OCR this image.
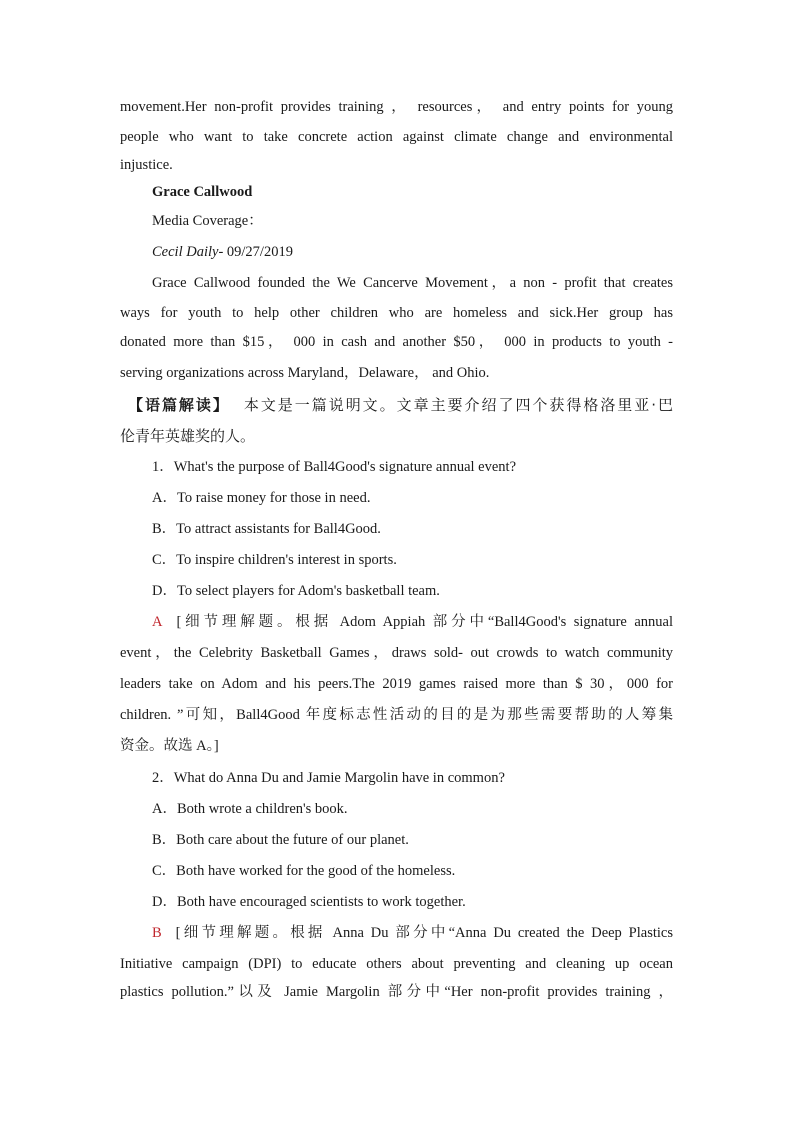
movement.Her non-profit provides training ， resources， and entry points for young
people who want to take concrete action against climate change and environmental
injustice.
Grace Callwood
Media Coverage：
Cecil Daily- 09/27/2019
Grace Callwood founded the We Cancerve Movement，a non - profit that creates
ways for youth to help other children who are homeless and sick.Her group has
donated more than $15， 000 in cash and another $50， 000 in products to youth -
serving organizations across Maryland，Delaware， and Ohio.
【语篇解读】 本文是一篇说明文。文章主要介绍了四个获得格洛里亚·巴
伦青年英雄奖的人。
1．What's the purpose of Ball4Good's signature annual event?
A．To raise money for those in need.
B．To attract assistants for Ball4Good.
C．To inspire children's interest in sports.
D．To select players for Adom's basketball team.
A [细节理解题。根据 Adom Appiah 部分中“Ball4Good's signature annual
event，the Celebrity Basketball Games，draws sold- out crowds to watch community
leaders take on Adom and his peers.The 2019 games raised more than $ 30，000 for
children. ”可知，Ball4Good 年度标志性活动的目的是为那些需要帮助的人筹集
资金。故选 A。]
2．What do Anna Du and Jamie Margolin have in common?
A．Both wrote a children's book.
B．Both care about the future of our planet.
C．Both have worked for the good of the homeless.
D．Both have encouraged scientists to work together.
B [细节理解题。根据 Anna Du 部分中“Anna Du created the Deep Plastics
Initiative campaign (DPI) to educate others about preventing and cleaning up ocean
plastics pollution.”以及 Jamie Margolin 部分中“Her non-profit provides training ，
